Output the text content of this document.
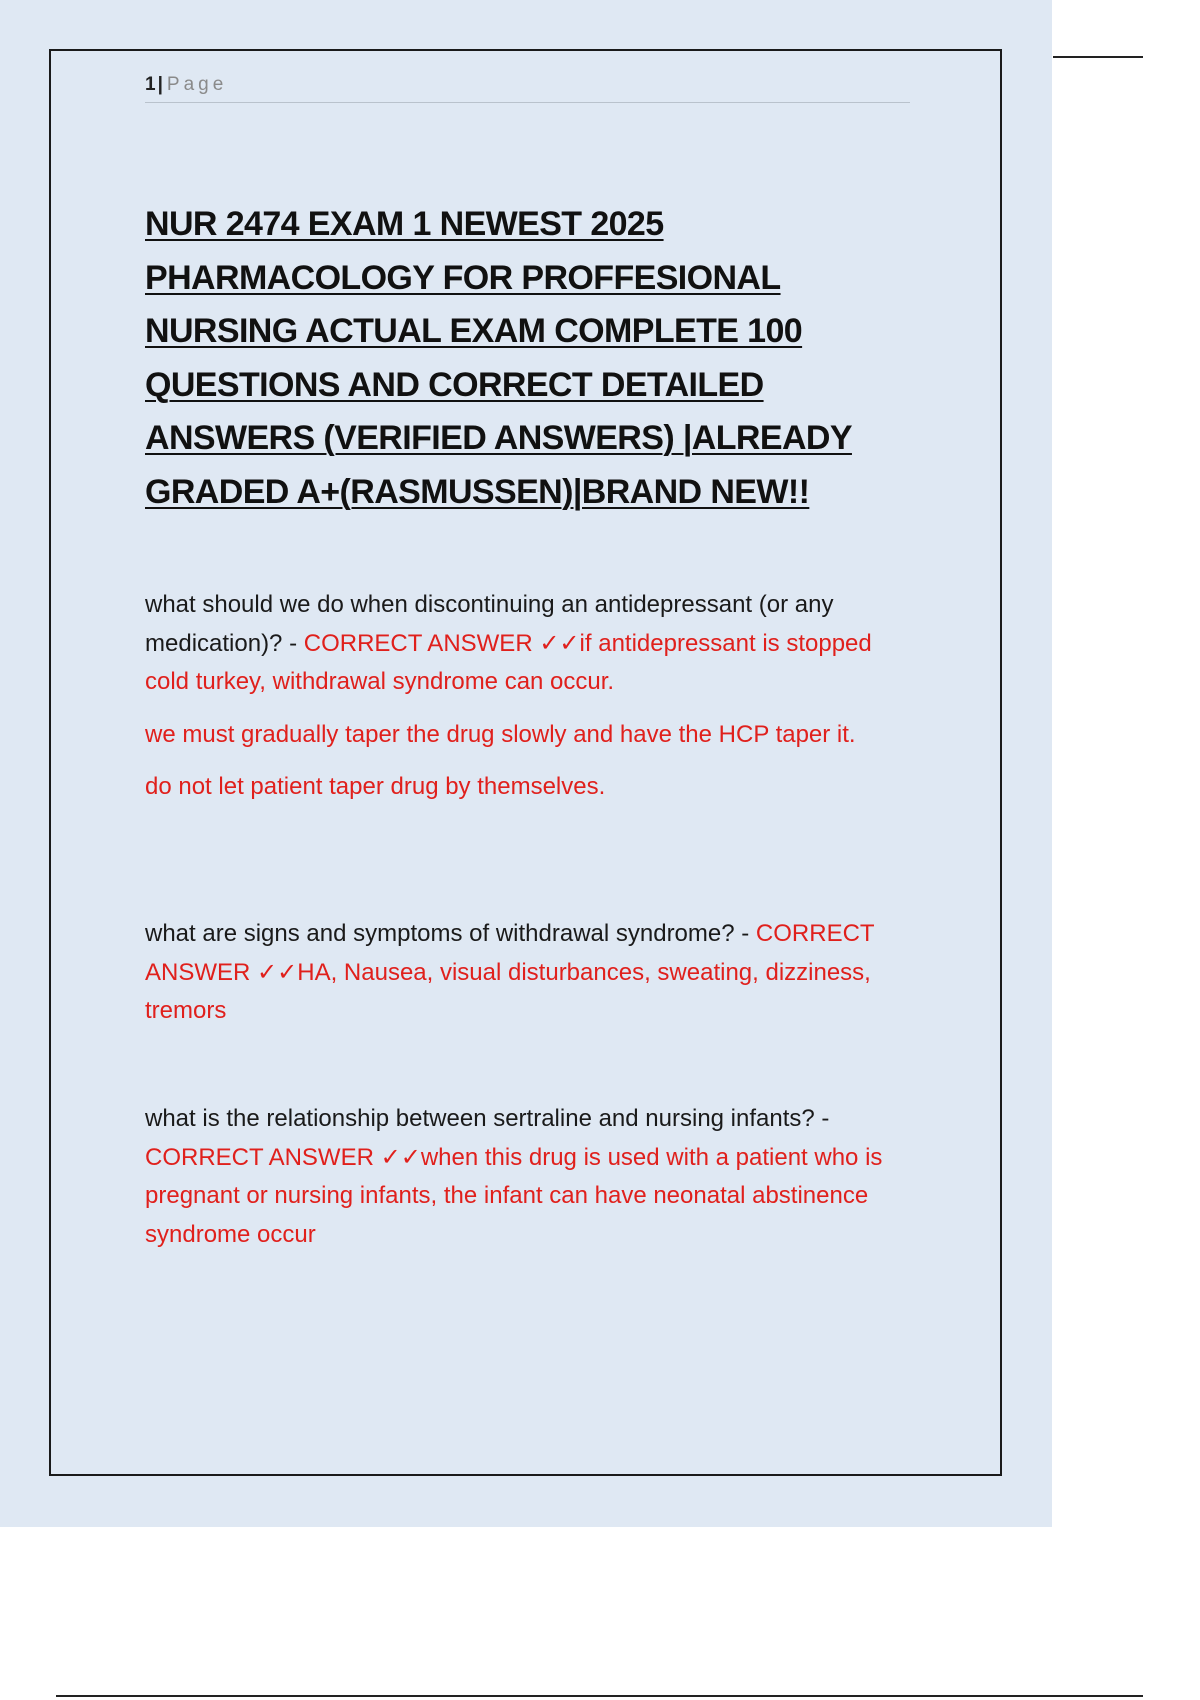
1 | Page
NUR 2474 EXAM 1 NEWEST 2025 PHARMACOLOGY FOR PROFFESIONAL NURSING ACTUAL EXAM COMPLETE 100 QUESTIONS AND CORRECT DETAILED ANSWERS (VERIFIED ANSWERS) |ALREADY GRADED A+(RASMUSSEN)|BRAND NEW!!

what should we do when discontinuing an antidepressant (or any medication)? - CORRECT ANSWER ✓✓if antidepressant is stopped cold turkey, withdrawal syndrome can occur.

we must gradually taper the drug slowly and have the HCP taper it.

do not let patient taper drug by themselves.

what are signs and symptoms of withdrawal syndrome? - CORRECT ANSWER ✓✓HA, Nausea, visual disturbances, sweating, dizziness, tremors

what is the relationship between sertraline and nursing infants? - CORRECT ANSWER ✓✓when this drug is used with a patient who is pregnant or nursing infants, the infant can have neonatal abstinence syndrome occur
